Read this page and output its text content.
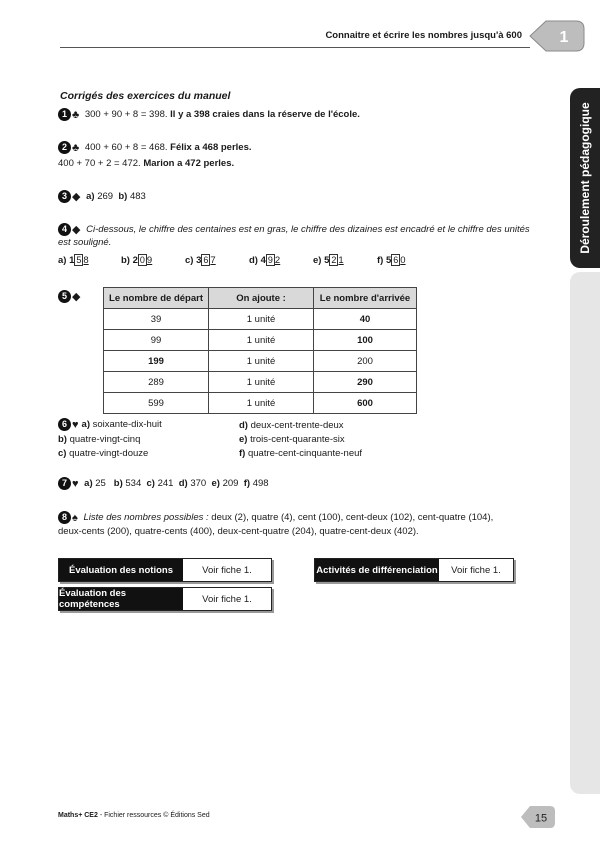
Connaitre et écrire les nombres jusqu'à 600 1
Déroulement pédagogique
Corrigés des exercices du manuel
1 ♣ 300 + 90 + 8 = 398. Il y a 398 craies dans la réserve de l'école.
2 ♣ 400 + 60 + 8 = 468. Félix a 468 perles.
400 + 70 + 2 = 472. Marion a 472 perles.
3 ◆ a) 269 b) 483
4 ◆ Ci-dessous, le chiffre des centaines est en gras, le chiffre des dizaines est encadré et le chiffre des unités
est souligné.
a) 1 5 8	b) 2 0 9	c) 3 6 7	d) 4 9 2	e) 5 2 1	f) 5 6 0
5 ◆	Le nombre de départ	On ajoute :	Le nombre d'arrivée
39	1 unité	40
99	1 unité	100
199	1 unité	200
289	1 unité	290
599	1 unité	600
6 ♥ a) soixante-dix-huit	d) deux-cent-trente-deux
b) quatre-vingt-cinq	e) trois-cent-quarante-six
c) quatre-vingt-douze	f) quatre-cent-cinquante-neuf
7 ♥ a) 25 b) 534 c) 241 d) 370 e) 209 f) 498
8 ♠ Liste des nombres possibles : deux (2), quatre (4), cent (100), cent-deux (102), cent-quatre (104),
deux-cents (200), quatre-cents (400), deux-cent-quatre (204), quatre-cent-deux (402).
Évaluation des notions	Voir fiche 1.
Évaluation des compétences	Voir fiche 1.
Activités de différenciation	Voir fiche 1.
Maths+ CE2 - Fichier ressources © Éditions Sed	15
